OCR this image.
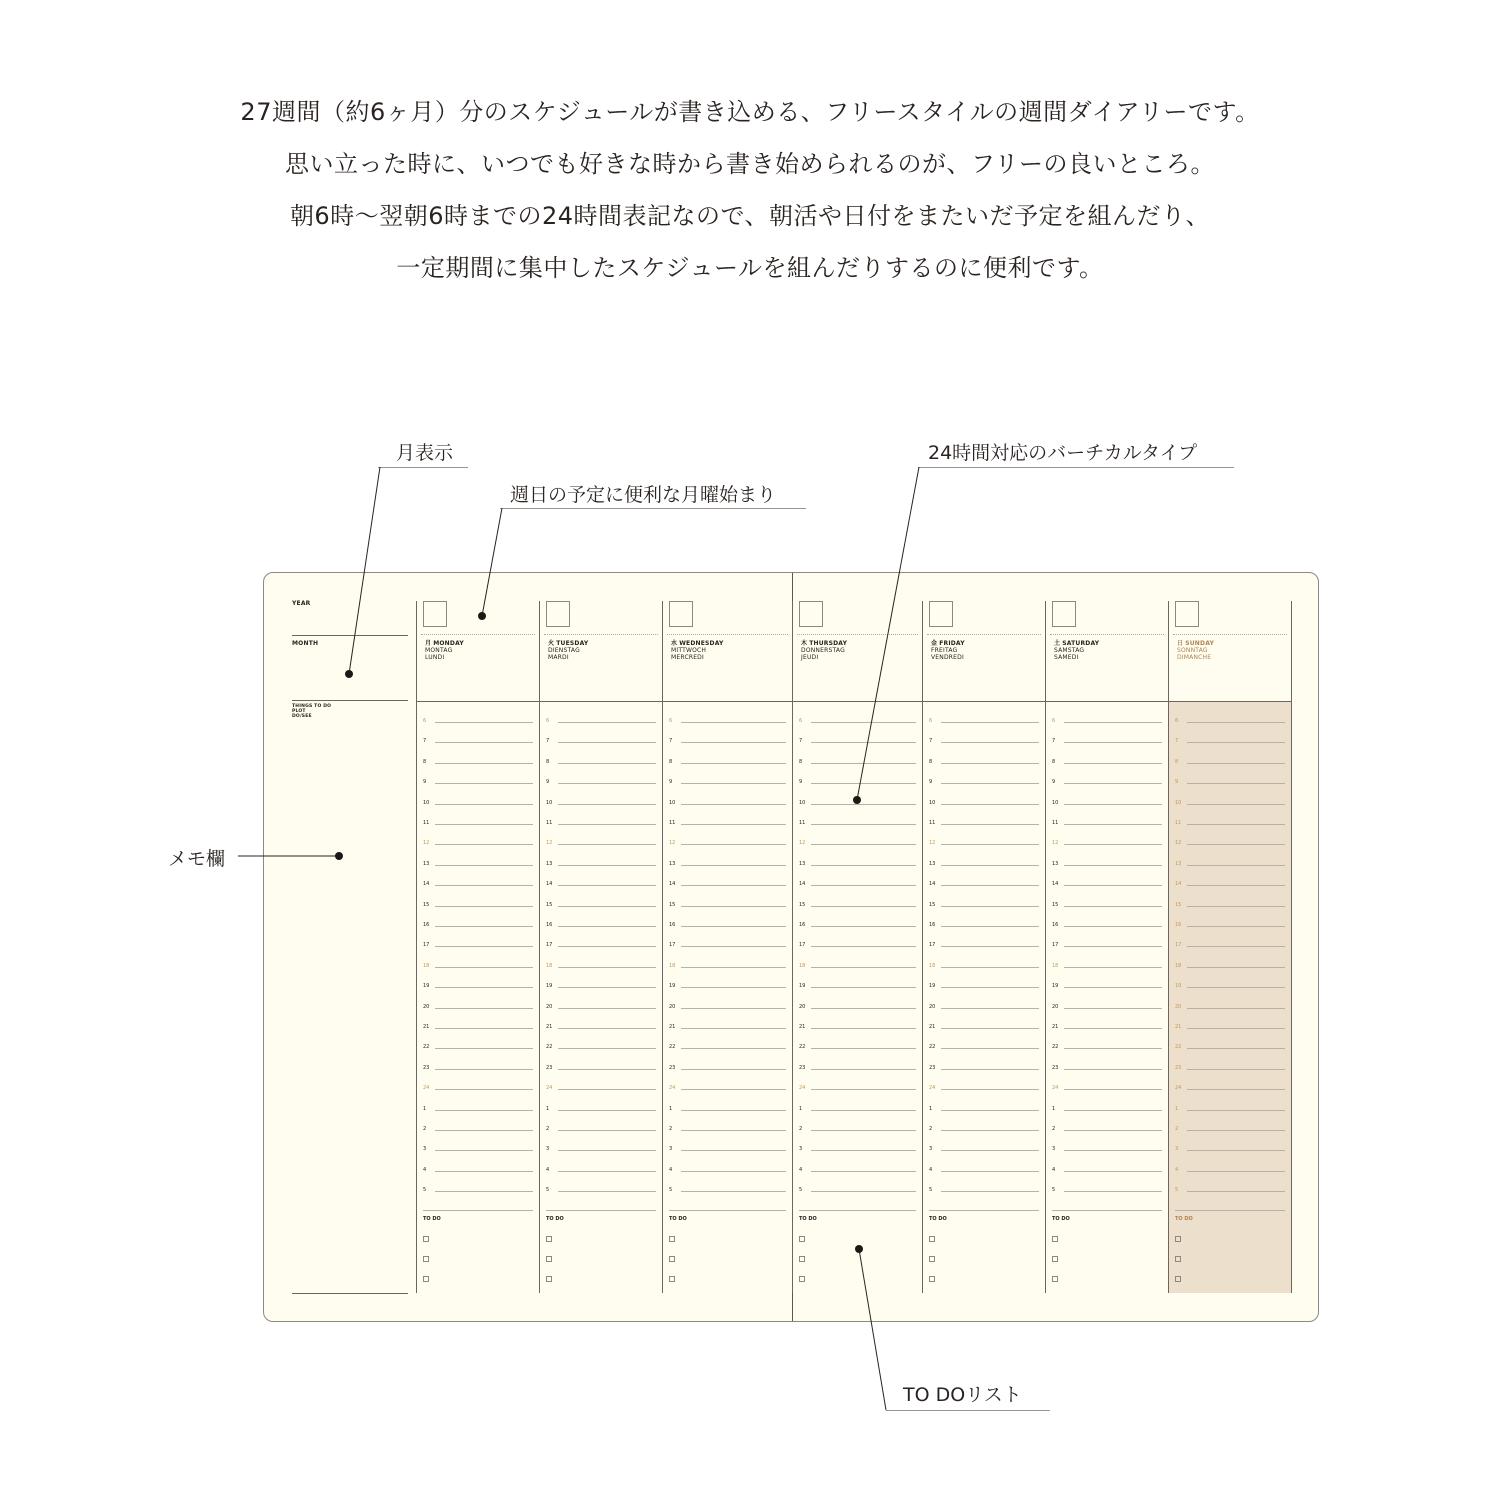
27週間（約6ヶ月）分のスケジュールが書き込める、フリースタイルの週間ダイアリーです。
思い立った時に、いつでも好きな時から書き始められるのが、フリーの良いところ。
朝6時〜翌朝6時までの24時間表記なので、朝活や日付をまたいだ予定を組んだり、
一定期間に集中したスケジュールを組んだりするのに便利です。
月表示
週日の予定に便利な月曜始まり
24時間対応のバーチカルタイプ
メモ欄
TO DOリスト
YEAR
MONTH
THINGS TO DO
PLOT
DO/SEE
月 MONDAY
MONTAG
LUNDI
6
7
8
9
10
11
12
13
14
15
16
17
18
19
20
21
22
23
24
1
2
3
4
5
TO DO
火 TUESDAY
DIENSTAG
MARDI
6
7
8
9
10
11
12
13
14
15
16
17
18
19
20
21
22
23
24
1
2
3
4
5
TO DO
水 WEDNESDAY
MITTWOCH
MERCREDI
6
7
8
9
10
11
12
13
14
15
16
17
18
19
20
21
22
23
24
1
2
3
4
5
TO DO
木 THURSDAY
DONNERSTAG
JEUDI
6
7
8
9
10
11
12
13
14
15
16
17
18
19
20
21
22
23
24
1
2
3
4
5
TO DO
金 FRIDAY
FREITAG
VENDREDI
6
7
8
9
10
11
12
13
14
15
16
17
18
19
20
21
22
23
24
1
2
3
4
5
TO DO
土 SATURDAY
SAMSTAG
SAMEDI
6
7
8
9
10
11
12
13
14
15
16
17
18
19
20
21
22
23
24
1
2
3
4
5
TO DO
日 SUNDAY
SONNTAG
DIMANCHE
6
7
8
9
10
11
12
13
14
15
16
17
18
19
20
21
22
23
24
1
2
3
4
5
TO DO
